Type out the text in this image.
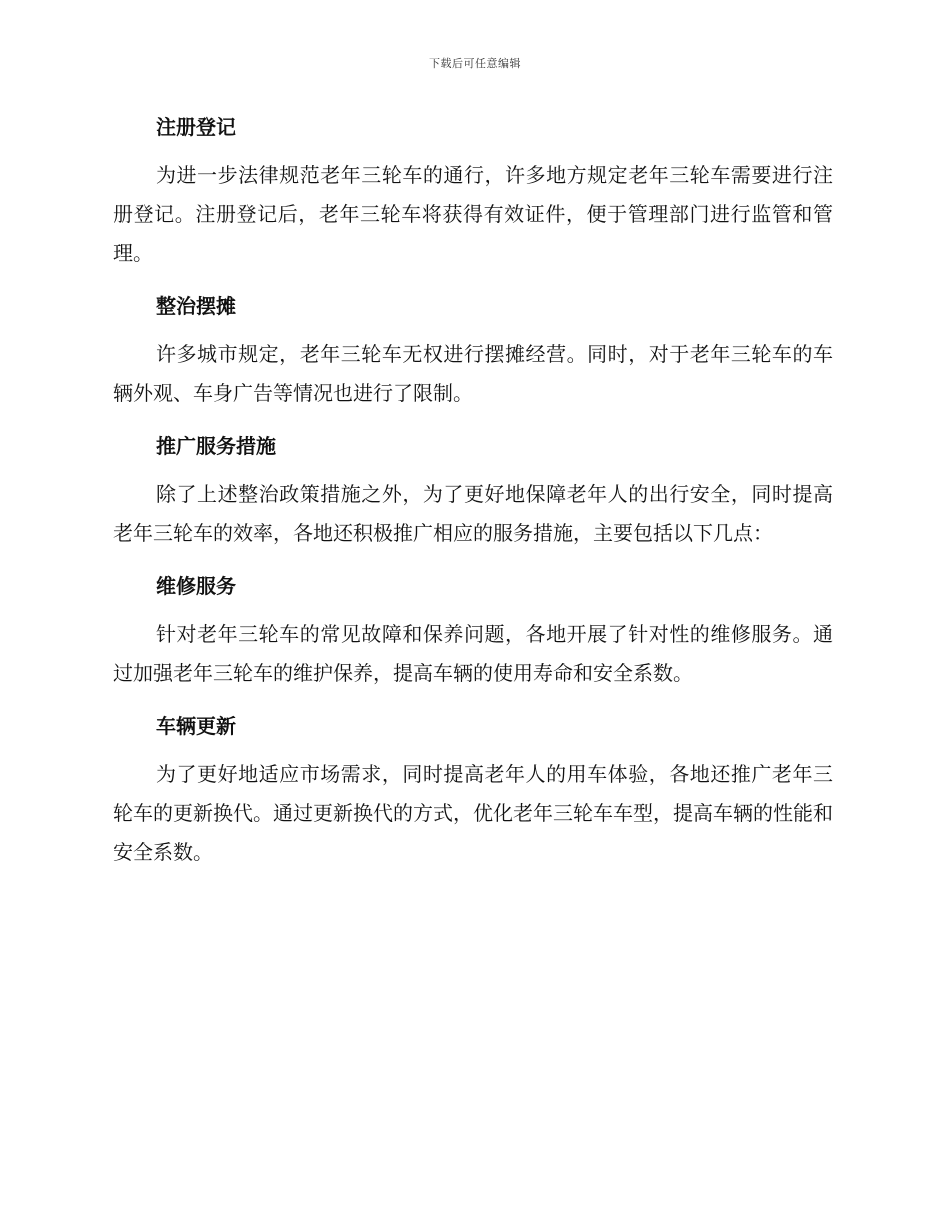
下载后可任意编辑
注册登记

为进一步法律规范老年三轮车的通行，许多地方规定老年三轮车需要进行注册登记。注册登记后，老年三轮车将获得有效证件，便于管理部门进行监管和管理。

整治摆摊

许多城市规定，老年三轮车无权进行摆摊经营。同时，对于老年三轮车的车辆外观、车身广告等情况也进行了限制。

推广服务措施

除了上述整治政策措施之外，为了更好地保障老年人的出行安全，同时提高老年三轮车的效率，各地还积极推广相应的服务措施，主要包括以下几点：

维修服务

针对老年三轮车的常见故障和保养问题，各地开展了针对性的维修服务。通过加强老年三轮车的维护保养，提高车辆的使用寿命和安全系数。

车辆更新

为了更好地适应市场需求，同时提高老年人的用车体验，各地还推广老年三轮车的更新换代。通过更新换代的方式，优化老年三轮车车型，提高车辆的性能和安全系数。
